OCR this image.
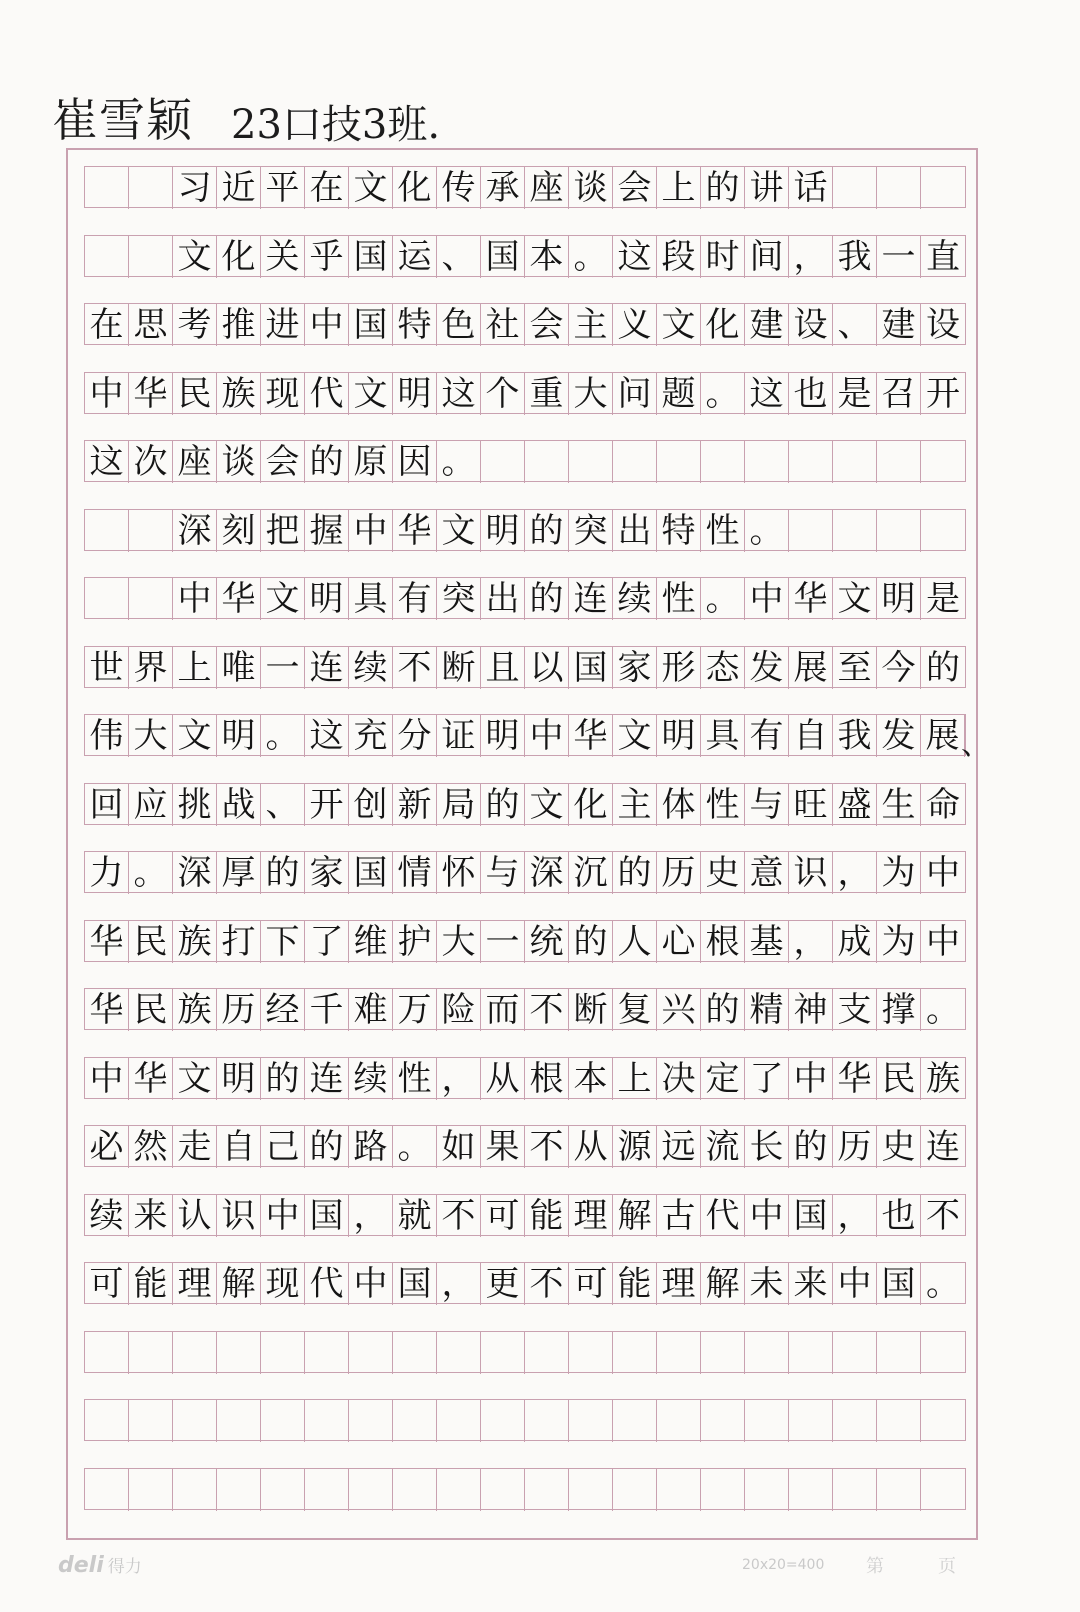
崔雪颖 23口技3班.
习 近 平 在 文 化 传 承 座 谈 会 上 的 讲 话
文 化 关 乎 国 运 、 国 本 。 这 段 时 间 ， 我 一 直
在 思 考 推 进 中 国 特 色 社 会 主 义 文 化 建 设 、 建 设
中 华 民 族 现 代 文 明 这 个 重 大 问 题 。 这 也 是 召 开
这 次 座 谈 会 的 原 因 。
深 刻 把 握 中 华 文 明 的 突 出 特 性 。
中 华 文 明 具 有 突 出 的 连 续 性 。 中 华 文 明 是
世 界 上 唯 一 连 续 不 断 且 以 国 家 形 态 发 展 至 今 的
伟 大 文 明 。 这 充 分 证 明 中 华 文 明 具 有 自 我 发 展 、
回 应 挑 战 、 开 创 新 局 的 文 化 主 体 性 与 旺 盛 生 命
力 。 深 厚 的 家 国 情 怀 与 深 沉 的 历 史 意 识 ， 为 中
华 民 族 打 下 了 维 护 大 一 统 的 人 心 根 基 ， 成 为 中
华 民 族 历 经 千 难 万 险 而 不 断 复 兴 的 精 神 支 撑 。
中 华 文 明 的 连 续 性 ， 从 根 本 上 决 定 了 中 华 民 族
必 然 走 自 己 的 路 。 如 果 不 从 源 远 流 长 的 历 史 连
续 来 认 识 中 国 ， 就 不 可 能 理 解 古 代 中 国 ， 也 不
可 能 理 解 现 代 中 国 ， 更 不 可 能 理 解 未 来 中 国 。
deli 得力	20x20=400 第	页
